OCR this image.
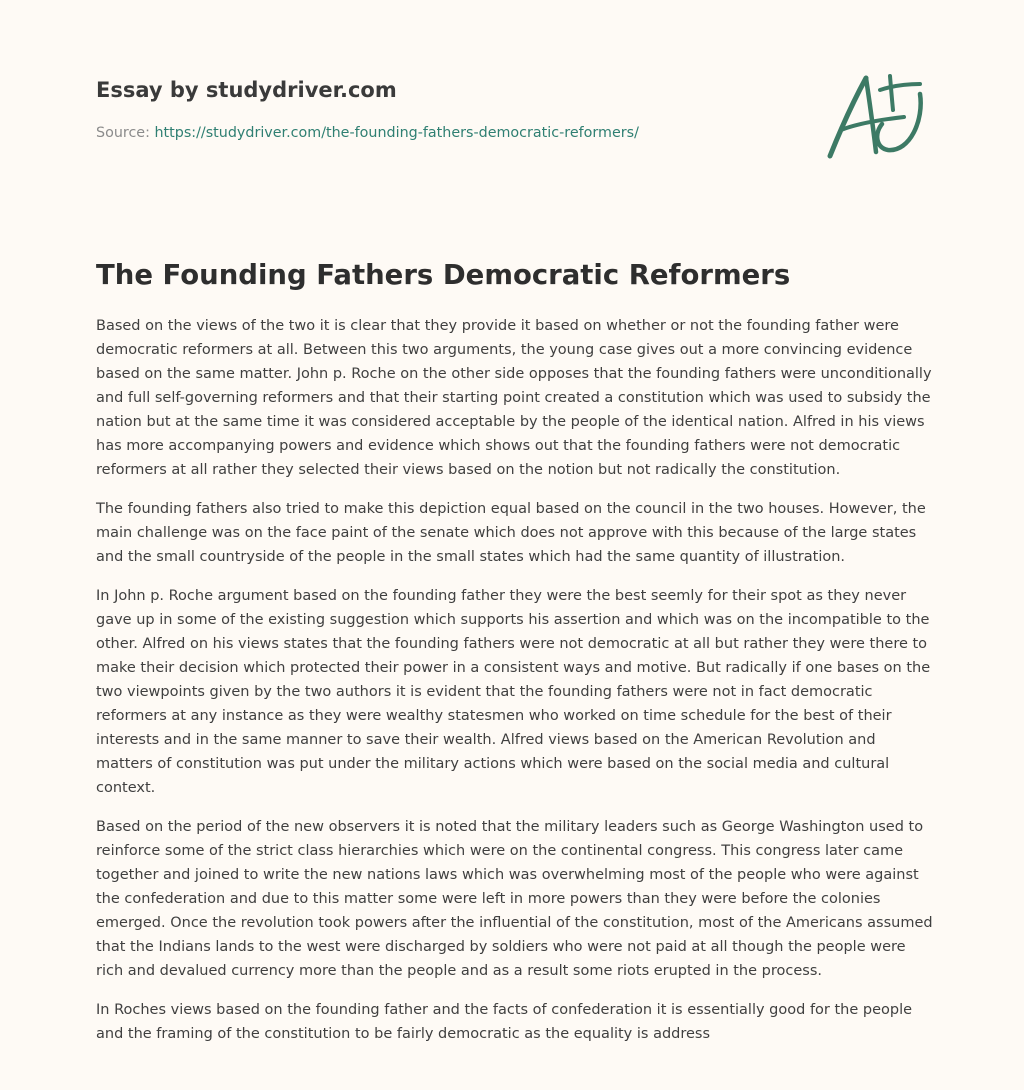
Essay by studydriver.com
Source: https://studydriver.com/the-founding-fathers-democratic-reformers/
The Founding Fathers Democratic Reformers

Based on the views of the two it is clear that they provide it based on whether or not the founding father were democratic reformers at all. Between this two arguments, the young case gives out a more convincing evidence based on the same matter. John p. Roche on the other side opposes that the founding fathers were unconditionally and full self-governing reformers and that their starting point created a constitution which was used to subsidy the nation but at the same time it was considered acceptable by the people of the identical nation. Alfred in his views has more accompanying powers and evidence which shows out that the founding fathers were not democratic reformers at all rather they selected their views based on the notion but not radically the constitution.

The founding fathers also tried to make this depiction equal based on the council in the two houses. However, the main challenge was on the face paint of the senate which does not approve with this because of the large states and the small countryside of the people in the small states which had the same quantity of illustration.

In John p. Roche argument based on the founding father they were the best seemly for their spot as they never gave up in some of the existing suggestion which supports his assertion and which was on the incompatible to the other. Alfred on his views states that the founding fathers were not democratic at all but rather they were there to make their decision which protected their power in a consistent ways and motive. But radically if one bases on the two viewpoints given by the two authors it is evident that the founding fathers were not in fact democratic reformers at any instance as they were wealthy statesmen who worked on time schedule for the best of their interests and in the same manner to save their wealth. Alfred views based on the American Revolution and matters of constitution was put under the military actions which were based on the social media and cultural context.

Based on the period of the new observers it is noted that the military leaders such as George Washington used to reinforce some of the strict class hierarchies which were on the continental congress. This congress later came together and joined to write the new nations laws which was overwhelming most of the people who were against the confederation and due to this matter some were left in more powers than they were before the colonies emerged. Once the revolution took powers after the influential of the constitution, most of the Americans assumed that the Indians lands to the west were discharged by soldiers who were not paid at all though the people were rich and devalued currency more than the people and as a result some riots erupted in the process.

In Roches views based on the founding father and the facts of confederation it is essentially good for the people and the framing of the constitution to be fairly democratic as the equality is address
